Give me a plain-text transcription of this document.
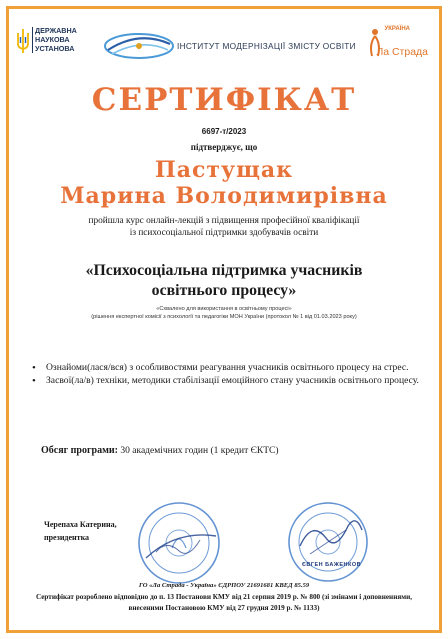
ДЕРЖАВНА
НАУКОВА
УСТАНОВА	ІНСТИТУТ МОДЕРНІЗАЦІЇ ЗМІСТУ ОСВІТИ
УКРАЇНА
Ла Страда
СЕРТИФІКАТ
6697-т/2023
підтверджує, що
Пастущак
Марина Володимирівна
пройшла курс онлайн-лекцій з підвищення професійної кваліфікації
із психосоціальної підтримки здобувачів освіти
«Психосоціальна підтримка учасників
освітнього процесу»
«Схвалено для використання в освітньому процесі»
(рішення експертної комісії з психології та педагогіки МОН України (протокол № 1 від 01.03.2023 року)
• Ознайоми(лася/вся) з особливостями реагування учасників освітнього процесу на стрес.
• Засвої(ла/в) техніки, методики стабілізації емоційного стану учасників освітнього процесу.
Обсяг програми: 30 академічних годин (1 кредит ЄКТС)
Черепаха Катерина,
президентка
ЄВГЕН БАЖЕНКОВ
ГО «Ла Страда - Україна» ЄДРПОУ 21691681 КВЕД 85.59
Сертифікат розроблено відповідно до п. 13 Постанови КМУ від 21 серпня 2019 р. № 800 (зі змінами і доповненнями, внесеними Постановою КМУ від 27 грудня 2019 р. № 1133)
